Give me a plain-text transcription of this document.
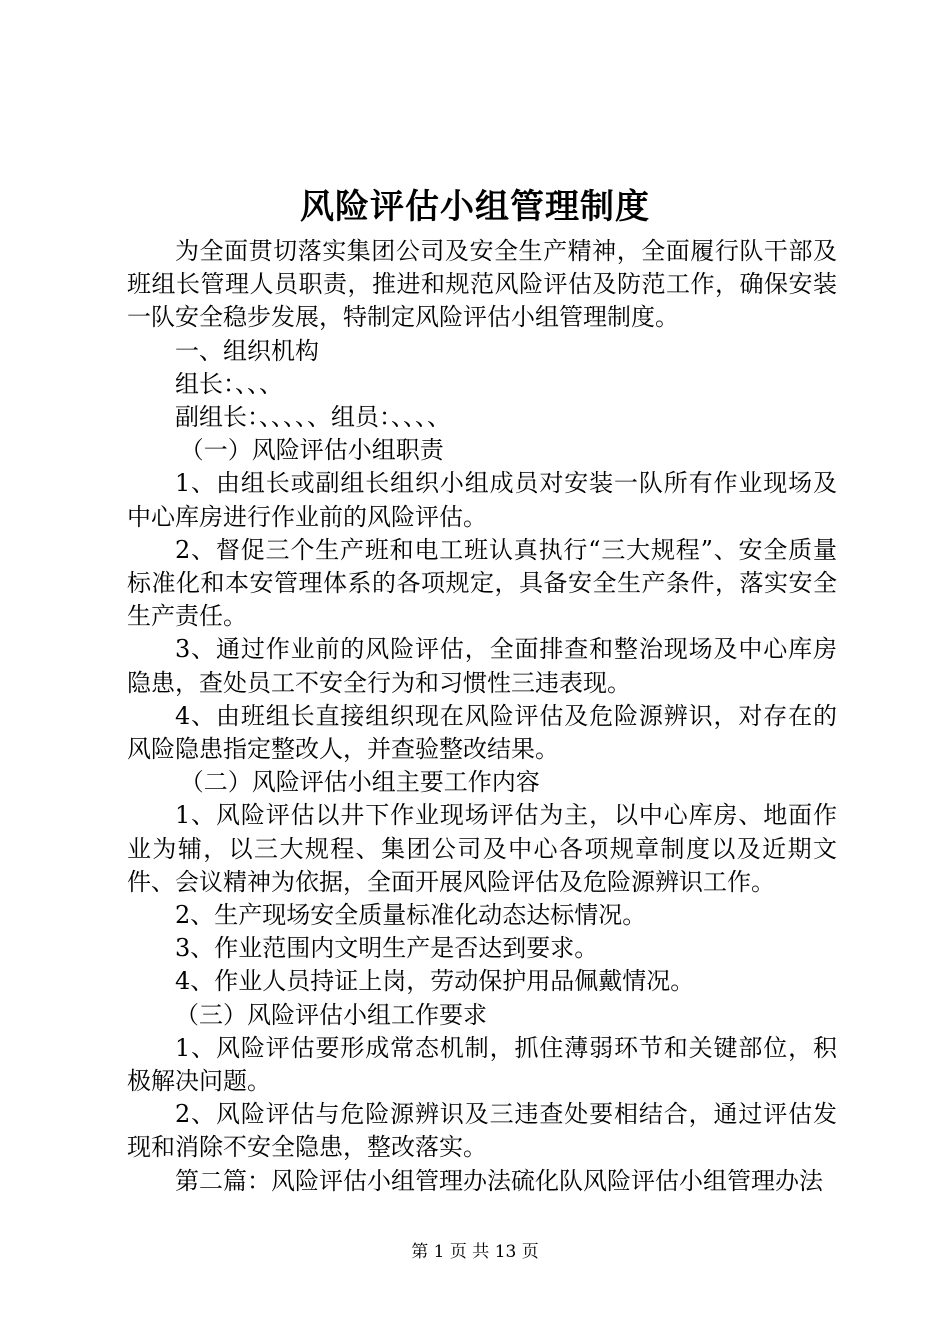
风险评估小组管理制度

为全面贯切落实集团公司及安全生产精神，全面履行队干部及班组长管理人员职责，推进和规范风险评估及防范工作，确保安装一队安全稳步发展，特制定风险评估小组管理制度。

一、组织机构

组长：、、、

副组长：、、、、、组员：、、、、

（一）风险评估小组职责

1、由组长或副组长组织小组成员对安装一队所有作业现场及中心库房进行作业前的风险评估。

2、督促三个生产班和电工班认真执行“三大规程”、安全质量标准化和本安管理体系的各项规定，具备安全生产条件，落实安全生产责任。

3、通过作业前的风险评估，全面排查和整治现场及中心库房隐患，查处员工不安全行为和习惯性三违表现。

4、由班组长直接组织现在风险评估及危险源辨识，对存在的风险隐患指定整改人，并查验整改结果。

（二）风险评估小组主要工作内容

1、风险评估以井下作业现场评估为主，以中心库房、地面作业为辅，以三大规程、集团公司及中心各项规章制度以及近期文件、会议精神为依据，全面开展风险评估及危险源辨识工作。

2、生产现场安全质量标准化动态达标情况。

3、作业范围内文明生产是否达到要求。

4、作业人员持证上岗，劳动保护用品佩戴情况。

（三）风险评估小组工作要求

1、风险评估要形成常态机制，抓住薄弱环节和关键部位，积极解决问题。

2、风险评估与危险源辨识及三违查处要相结合，通过评估发现和消除不安全隐患，整改落实。

第二篇：风险评估小组管理办法硫化队风险评估小组管理办法

第 1 页 共 13 页
